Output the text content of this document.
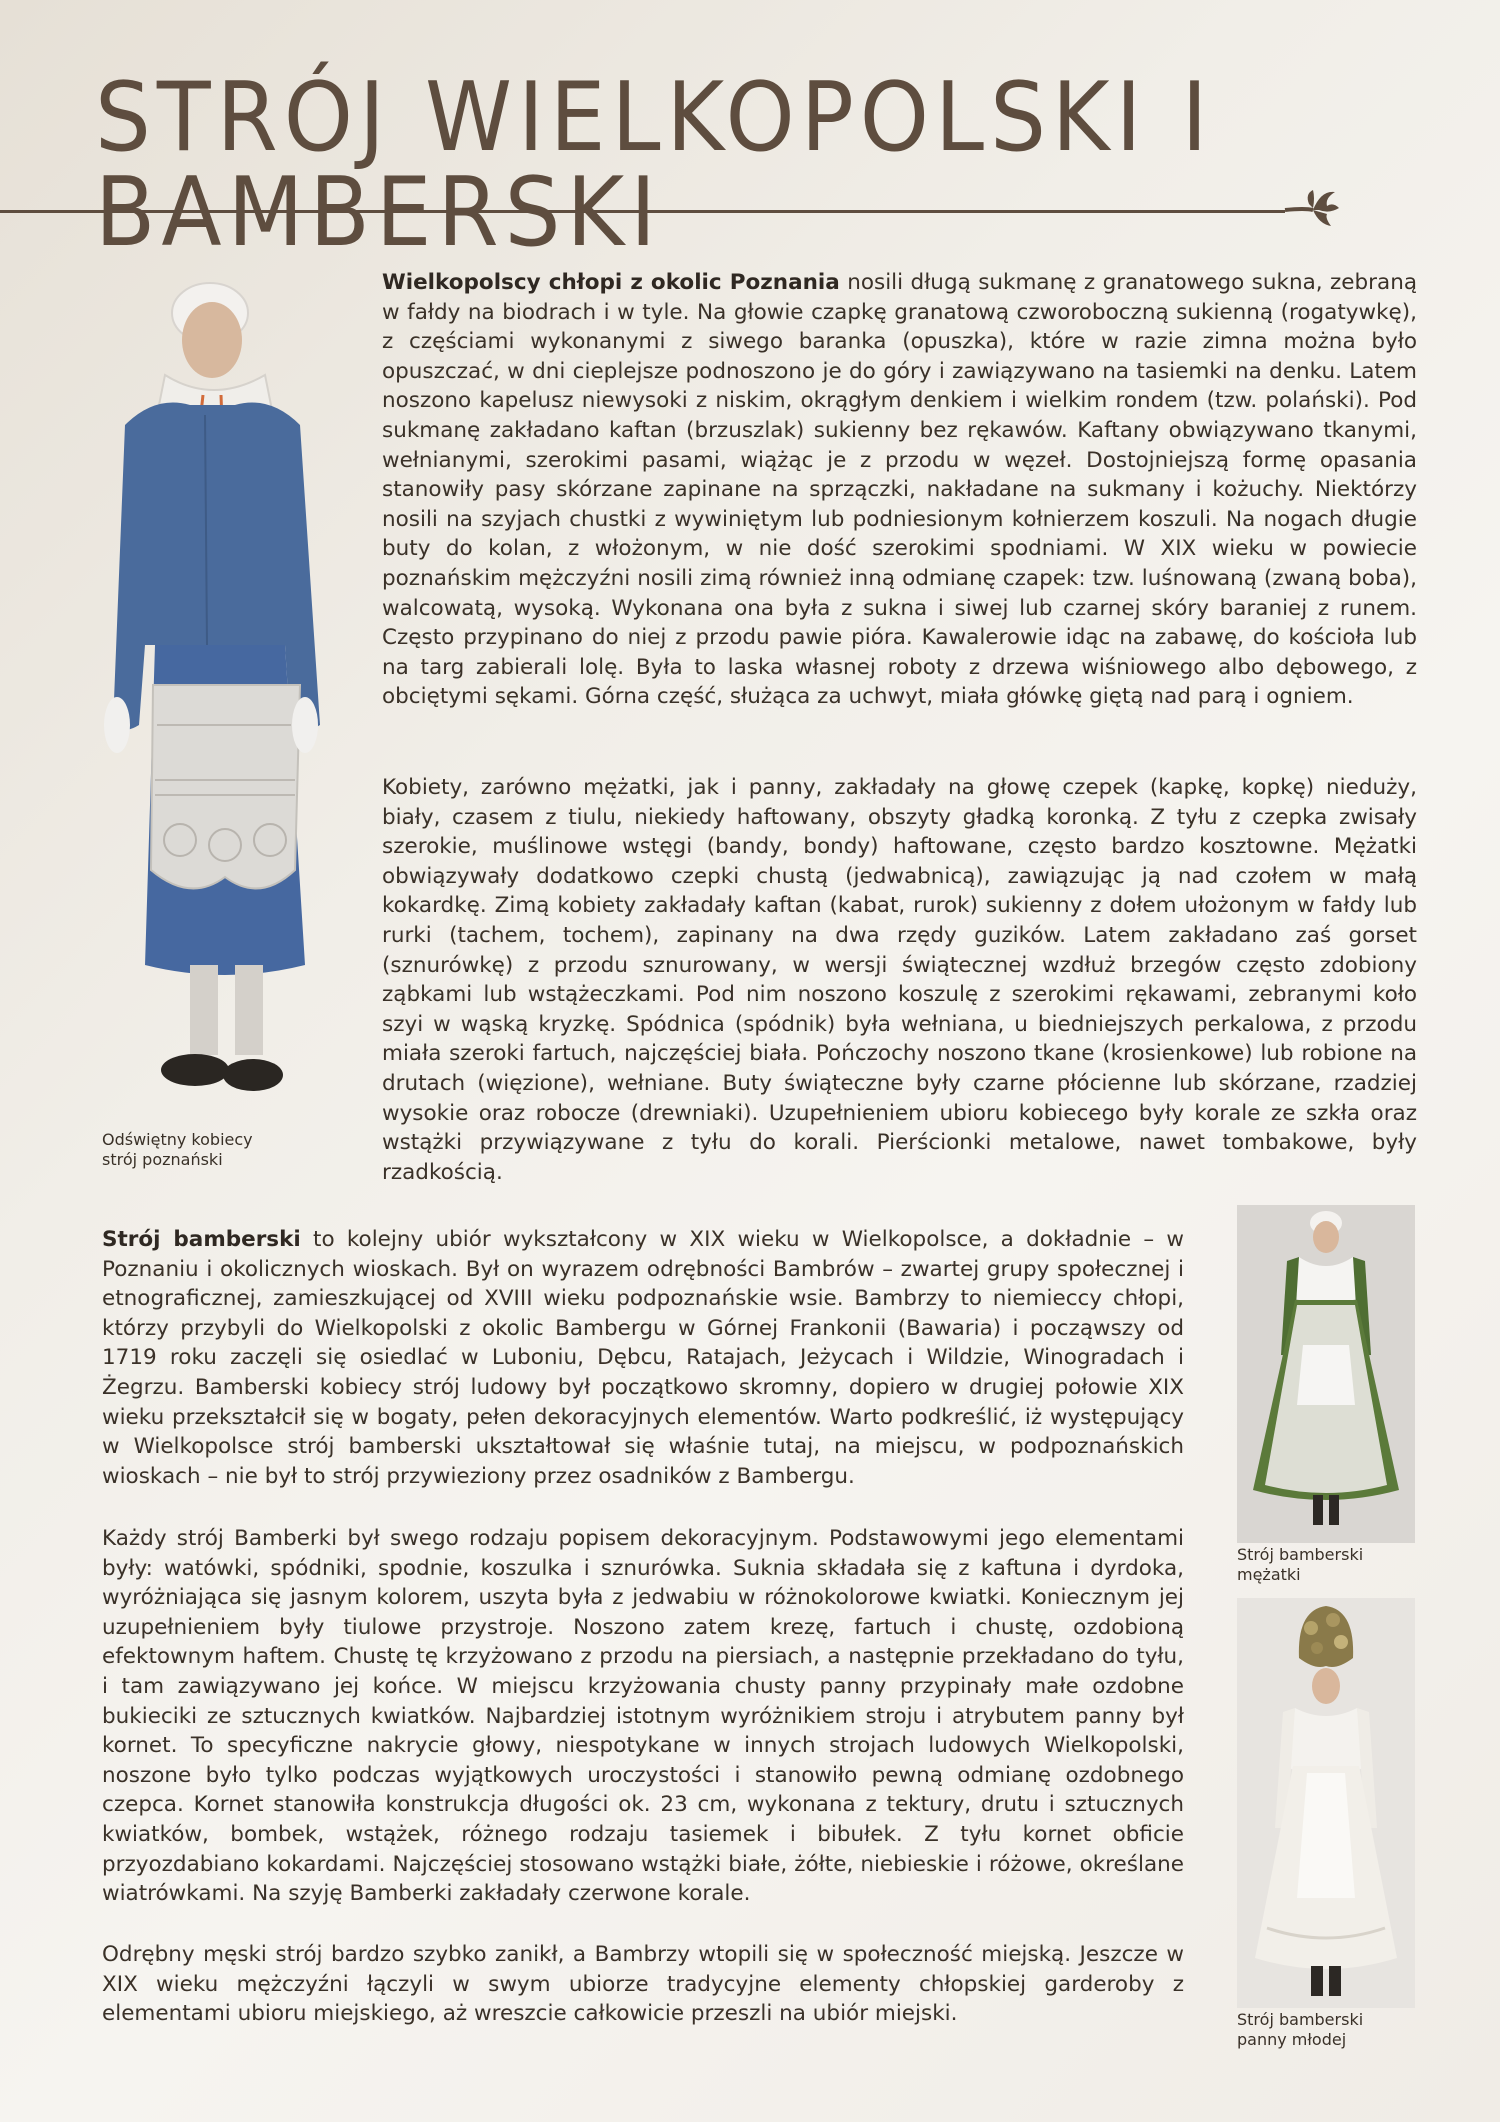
STRÓJ WIELKOPOLSKI I BAMBERSKI
Odświętny kobiecy
strój poznański

Wielkopolscy chłopi z okolic Poznania nosili długą sukmanę z granatowego sukna, zebraną w fałdy na biodrach i w tyle. Na głowie czapkę granatową czworoboczną sukienną (rogatywkę), z częściami wykonanymi z siwego baranka (opuszka), które w razie zimna można było opuszczać, w dni cieplejsze podnoszono je do góry i zawiązywano na tasiemki na denku. Latem noszono kapelusz niewysoki z niskim, okrągłym denkiem i wielkim rondem (tzw. polański). Pod sukmanę zakładano kaftan (brzuszlak) sukienny bez rękawów. Kaftany obwiązywano tkanymi, wełnianymi, szerokimi pasami, wiążąc je z przodu w węzeł. Dostojniejszą formę opasania stanowiły pasy skórzane zapinane na sprzączki, nakładane na sukmany i kożuchy. Niektórzy nosili na szyjach chustki z wywiniętym lub podniesionym kołnierzem koszuli. Na nogach długie buty do kolan, z włożonym, w nie dość szerokimi spodniami. W XIX wieku w powiecie poznańskim mężczyźni nosili zimą również inną odmianę czapek: tzw. luśnowaną (zwaną boba), walcowatą, wysoką. Wykonana ona była z sukna i siwej lub czarnej skóry baraniej z runem. Często przypinano do niej z przodu pawie pióra. Kawalerowie idąc na zabawę, do kościoła lub na targ zabierali lolę. Była to laska własnej roboty z drzewa wiśniowego albo dębowego, z obciętymi sękami. Górna część, służąca za uchwyt, miała główkę giętą nad parą i ogniem.

Kobiety, zarówno mężatki, jak i panny, zakładały na głowę czepek (kapkę, kopkę) nieduży, biały, czasem z tiulu, niekiedy haftowany, obszyty gładką koronką. Z tyłu z czepka zwisały szerokie, muślinowe wstęgi (bandy, bondy) haftowane, często bardzo kosztowne. Mężatki obwiązywały dodatkowo czepki chustą (jedwabnicą), zawiązując ją nad czołem w małą kokardkę. Zimą kobiety zakładały kaftan (kabat, rurok) sukienny z dołem ułożonym w fałdy lub rurki (tachem, tochem), zapinany na dwa rzędy guzików. Latem zakładano zaś gorset (sznurówkę) z przodu sznurowany, w wersji świątecznej wzdłuż brzegów często zdobiony ząbkami lub wstążeczkami. Pod nim noszono koszulę z szerokimi rękawami, zebranymi koło szyi w wąską kryzkę. Spódnica (spódnik) była wełniana, u biedniejszych perkalowa, z przodu miała szeroki fartuch, najczęściej biała. Pończochy noszono tkane (krosienkowe) lub robione na drutach (więzione), wełniane. Buty świąteczne były czarne płócienne lub skórzane, rzadziej wysokie oraz robocze (drewniaki). Uzupełnieniem ubioru kobiecego były korale ze szkła oraz wstążki przywiązywane z tyłu do korali. Pierścionki metalowe, nawet tombakowe, były rzadkością.

Strój bamberski to kolejny ubiór wykształcony w XIX wieku w Wielkopolsce, a dokładnie – w Poznaniu i okolicznych wioskach. Był on wyrazem odrębności Bambrów – zwartej grupy społecznej i etnograficznej, zamieszkującej od XVIII wieku podpoznańskie wsie. Bambrzy to niemieccy chłopi, którzy przybyli do Wielkopolski z okolic Bambergu w Górnej Frankonii (Bawaria) i począwszy od 1719 roku zaczęli się osiedlać w Luboniu, Dębcu, Ratajach, Jeżycach i Wildzie, Winogradach i Żegrzu. Bamberski kobiecy strój ludowy był początkowo skromny, dopiero w drugiej połowie XIX wieku przekształcił się w bogaty, pełen dekoracyjnych elementów. Warto podkreślić, iż występujący w Wielkopolsce strój bamberski ukształtował się właśnie tutaj, na miejscu, w podpoznańskich wioskach – nie był to strój przywieziony przez osadników z Bambergu.

Każdy strój Bamberki był swego rodzaju popisem dekoracyjnym. Podstawowymi jego elementami były: watówki, spódniki, spodnie, koszulka i sznurówka. Suknia składała się z kaftuna i dyrdoka, wyróżniająca się jasnym kolorem, uszyta była z jedwabiu w różnokolorowe kwiatki. Koniecznym jej uzupełnieniem były tiulowe przystroje. Noszono zatem krezę, fartuch i chustę, ozdobioną efektownym haftem. Chustę tę krzyżowano z przodu na piersiach, a następnie przekładano do tyłu, i tam zawiązywano jej końce. W miejscu krzyżowania chusty panny przypinały małe ozdobne bukieciki ze sztucznych kwiatków. Najbardziej istotnym wyróżnikiem stroju i atrybutem panny był kornet. To specyficzne nakrycie głowy, niespotykane w innych strojach ludowych Wielkopolski, noszone było tylko podczas wyjątkowych uroczystości i stanowiło pewną odmianę ozdobnego czepca. Kornet stanowiła konstrukcja długości ok. 23 cm, wykonana z tektury, drutu i sztucznych kwiatków, bombek, wstążek, różnego rodzaju tasiemek i bibułek. Z tyłu kornet obficie przyozdabiano kokardami. Najczęściej stosowano wstążki białe, żółte, niebieskie i różowe, określane wiatrówkami. Na szyję Bamberki zakładały czerwone korale.

Odrębny męski strój bardzo szybko zanikł, a Bambrzy wtopili się w społeczność miejską. Jeszcze w XIX wieku mężczyźni łączyli w swym ubiorze tradycyjne elementy chłopskiej garderoby z elementami ubioru miejskiego, aż wreszcie całkowicie przeszli na ubiór miejski.

Strój bamberski
mężatki
Strój bamberski
panny młodej
